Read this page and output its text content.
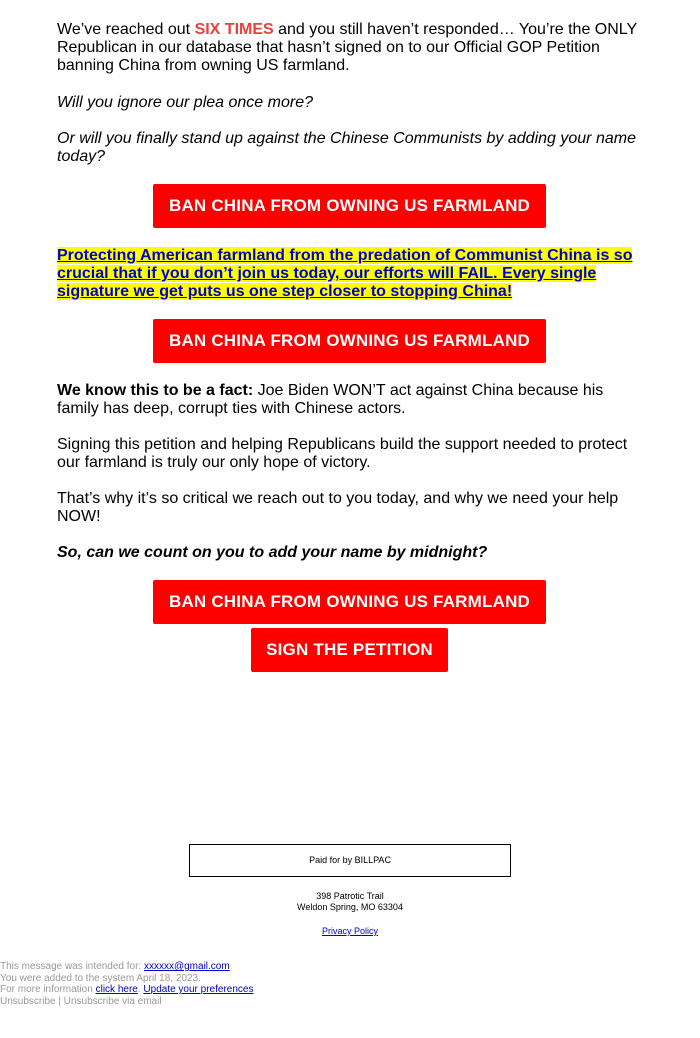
We’ve reached out SIX TIMES and you still haven’t responded… You’re the ONLY Republican in our database that hasn’t signed on to our Official GOP Petition banning China from owning US farmland.

Will you ignore our plea once more?

Or will you finally stand up against the Chinese Communists by adding your name today?

BAN CHINA FROM OWNING US FARMLAND

Protecting American farmland from the predation of Communist China is so crucial that if you don’t join us today, our efforts will FAIL. Every single signature we get puts us one step closer to stopping China!

BAN CHINA FROM OWNING US FARMLAND

We know this to be a fact: Joe Biden WON’T act against China because his family has deep, corrupt ties with Chinese actors.

Signing this petition and helping Republicans build the support needed to protect our farmland is truly our only hope of victory.

That’s why it’s so critical we reach out to you today, and why we need your help NOW!

So, can we count on you to add your name by midnight?

BAN CHINA FROM OWNING US FARMLAND
SIGN THE PETITION
Paid for by BILLPAC
398 Patrotic Trail
Weldon Spring, MO 63304
Privacy Policy
This message was intended for: xxxxxx@gmail.com
You were added to the system April 18, 2023.
For more information click here. Update your preferences
Unsubscribe | Unsubscribe via email
